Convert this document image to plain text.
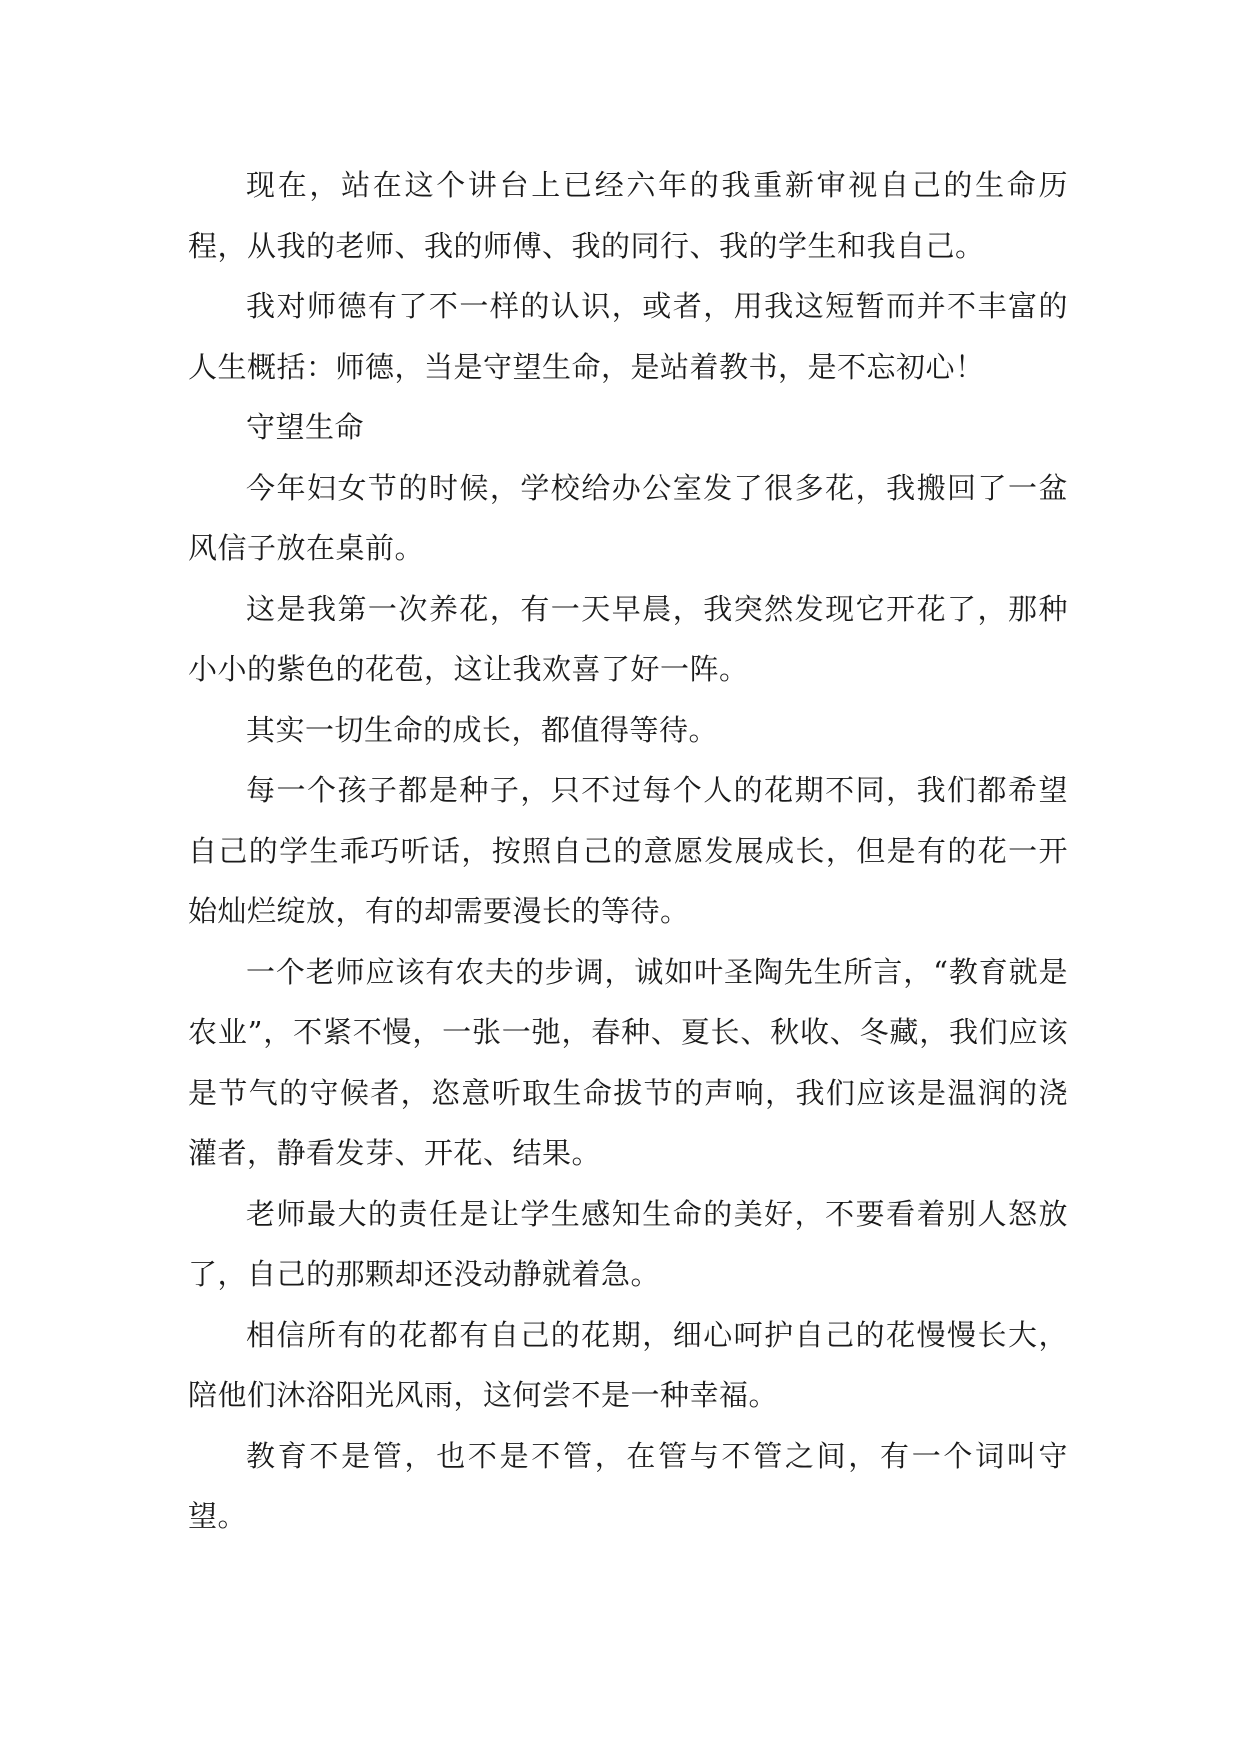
现在，站在这个讲台上已经六年的我重新审视自己的生命历程，从我的老师、我的师傅、我的同行、我的学生和我自己。

我对师德有了不一样的认识，或者，用我这短暂而并不丰富的人生概括：师德，当是守望生命，是站着教书，是不忘初心！

守望生命

今年妇女节的时候，学校给办公室发了很多花，我搬回了一盆风信子放在桌前。

这是我第一次养花，有一天早晨，我突然发现它开花了，那种小小的紫色的花苞，这让我欢喜了好一阵。

其实一切生命的成长，都值得等待。

每一个孩子都是种子，只不过每个人的花期不同，我们都希望自己的学生乖巧听话，按照自己的意愿发展成长，但是有的花一开始灿烂绽放，有的却需要漫长的等待。

一个老师应该有农夫的步调，诚如叶圣陶先生所言，“教育就是农业”，不紧不慢，一张一弛，春种、夏长、秋收、冬藏，我们应该是节气的守候者，恣意听取生命拔节的声响，我们应该是温润的浇灌者，静看发芽、开花、结果。

老师最大的责任是让学生感知生命的美好，不要看着别人怒放了，自己的那颗却还没动静就着急。

相信所有的花都有自己的花期，细心呵护自己的花慢慢长大，陪他们沐浴阳光风雨，这何尝不是一种幸福。

教育不是管，也不是不管，在管与不管之间，有一个词叫守望。
